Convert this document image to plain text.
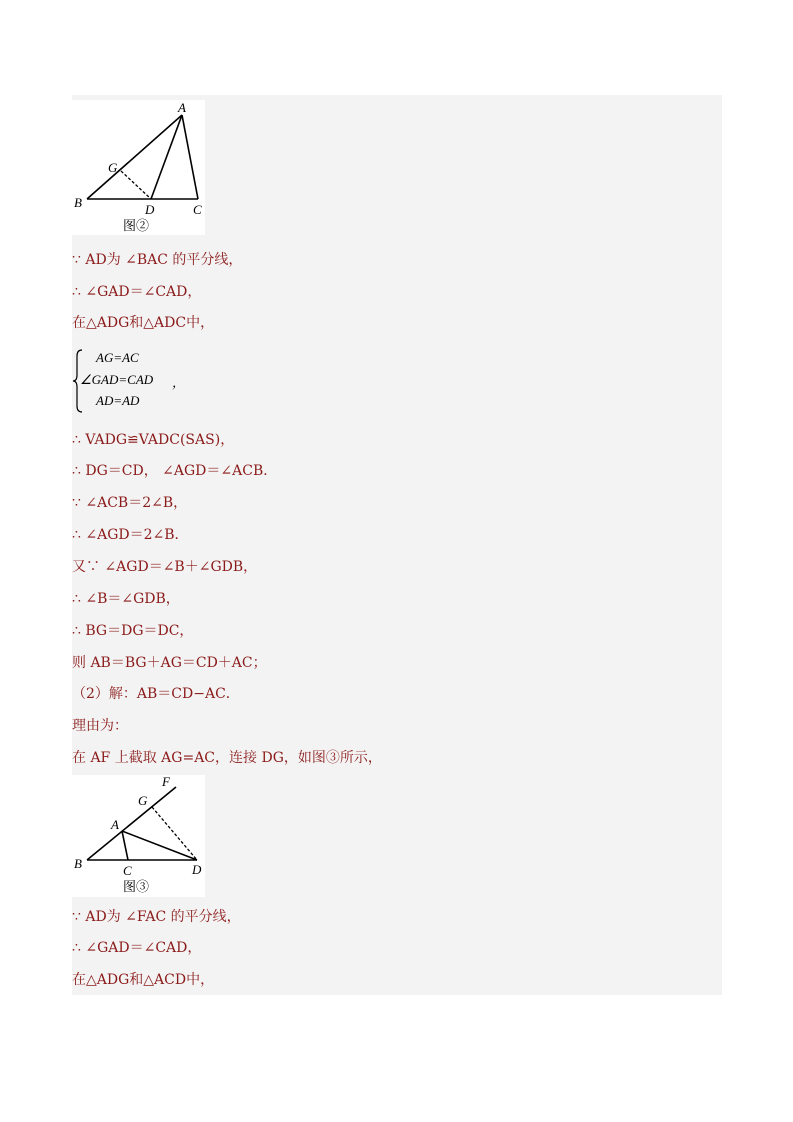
A
B	C
D
G
图②
∵ AD为 ∠BAC 的平分线，
∴ ∠GAD＝∠CAD，
在△ADG和△ADC中，
AG=AC
∠GAD=CAD ，
AD=AD
∴ VADG≌VADC(SAS)，
∴ DG＝CD， ∠AGD＝∠ACB．
∵ ∠ACB＝2∠B，
∴ ∠AGD＝2∠B．
又∵ ∠AGD＝∠B＋∠GDB，
∴ ∠B＝∠GDB，
∴ BG＝DG＝DC，
则 AB＝BG＋AG＝CD＋AC；
（2）解：AB＝CD−AC．
理由为：
在 AF 上截取 AG=AC，连接 DG，如图③所示，
F
G
A
B	C	D
图③
∵ AD为 ∠FAC 的平分线，
∴ ∠GAD＝∠CAD，
在△ADG和△ACD中，
